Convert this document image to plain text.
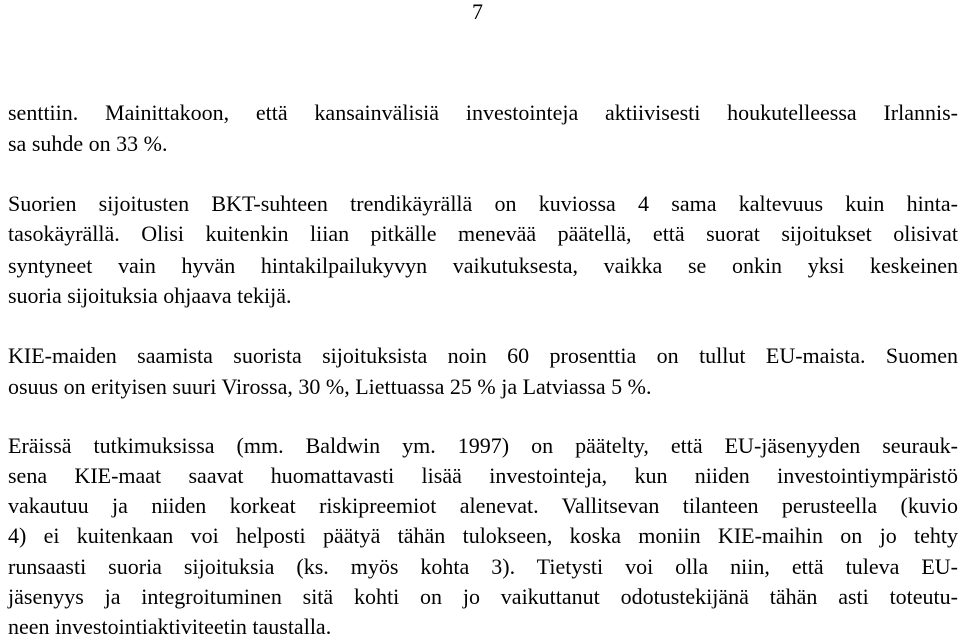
7
senttiin. Mainittakoon, että kansainvälisiä investointeja aktiivisesti houkutelleessa Irlannis-
sa suhde on 33 %.
Suorien sijoitusten BKT-suhteen trendikäyrällä on kuviossa 4 sama kaltevuus kuin hinta-
tasokäyrällä. Olisi kuitenkin liian pitkälle menevää päätellä, että suorat sijoitukset olisivat
syntyneet vain hyvän hintakilpailukyvyn vaikutuksesta, vaikka se onkin yksi keskeinen
suoria sijoituksia ohjaava tekijä.
KIE-maiden saamista suorista sijoituksista noin 60 prosenttia on tullut EU-maista. Suomen
osuus on erityisen suuri Virossa, 30 %, Liettuassa 25 % ja Latviassa 5 %.
Eräissä tutkimuksissa (mm. Baldwin ym. 1997) on päätelty, että EU-jäsenyyden seurauk-
sena KIE-maat saavat huomattavasti lisää investointeja, kun niiden investointiympäristö
vakautuu ja niiden korkeat riskipreemiot alenevat. Vallitsevan tilanteen perusteella (kuvio
4) ei kuitenkaan voi helposti päätyä tähän tulokseen, koska moniin KIE-maihin on jo tehty
runsaasti suoria sijoituksia (ks. myös kohta 3). Tietysti voi olla niin, että tuleva EU-
jäsenyys ja integroituminen sitä kohti on jo vaikuttanut odotustekijänä tähän asti toteutu-
neen investointiaktiviteetin taustalla.
